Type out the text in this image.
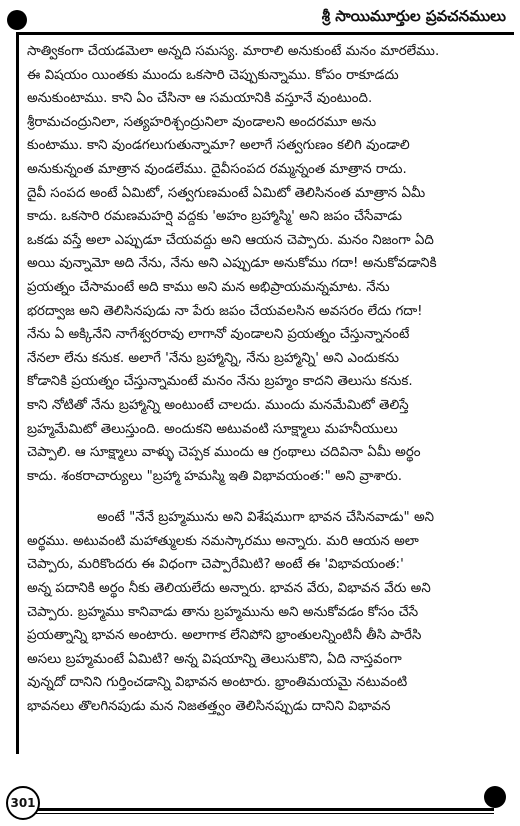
శ్రీ సాయిమూర్తుల ప్రవచనములు
సాత్వికంగా చేయడమెలా అన్నది సమస్య. మారాలి అనుకుంటే మనం మారలేము.
ఈ విషయం యింతకు ముందు ఒకసారి చెప్పుకున్నాము. కోపం రాకూడదు
అనుకుంటాము. కాని ఏం చేసినా ఆ సమయానికి వస్తూనే వుంటుంది.
శ్రీరామచంద్రునిలా, సత్యహరిశ్చంద్రునిలా వుండాలని అందరమూ అను
కుంటాము. కాని వుండగలుగుతున్నామా? అలాగే సత్వగుణం కలిగి వుండాలి
అనుకున్నంత మాత్రాన వుండలేము. దైవీసంపద రమ్మన్నంత మాత్రాన రాదు.
దైవీ సంపద అంటే ఏమిటో, సత్వగుణమంటే ఏమిటో తెలిసినంత మాత్రాన ఏమీ
కాదు. ఒకసారి రమణమహర్షి వద్దకు 'అహం బ్రహ్మాస్మి' అని జపం చేసేవాడు
ఒకడు వస్తే అలా ఎప్పుడూ చేయవద్దు అని ఆయన చెప్పారు. మనం నిజంగా ఏది
అయి వున్నామో అది నేను, నేను అని ఎప్పుడూ అనుకోము గదా! అనుకోవడానికి
ప్రయత్నం చేసామంటే అది కాము అని మన అభిప్రాయమన్నమాట. నేను
భరద్వాజ అని తెలిసినపుడు నా పేరు జపం చేయవలసిన అవసరం లేదు గదా!
నేను ఏ అక్కినేని నాగేశ్వరరావు లాగానో వుండాలని ప్రయత్నం చేస్తున్నానంటే
నేనలా లేను కనుక. అలాగే 'నేను బ్రహ్మాన్ని, నేను బ్రహ్మాన్ని' అని ఎందుకను
కోడానికి ప్రయత్నం చేస్తున్నామంటే మనం నేను బ్రహ్మం కాదని తెలుసు కనుక.
కాని నోటితో నేను బ్రహ్మాన్ని అంటుంటే చాలదు. ముందు మనమేమిటో తెలిస్తే
బ్రహ్మమేమిటో తెలుస్తుంది. అందుకని అటువంటి సూక్ష్మాలు మహనీయులు
చెప్పాలి. ఆ సూక్ష్మాలు వాళ్ళు చెప్పక ముందు ఆ గ్రంథాలు చదివినా ఏమీ అర్థం
కాదు. శంకరాచార్యులు "బ్రహ్మా హమస్మి ఇతి విభావయంత:" అని వ్రాశారు.
అంటే "నేనే బ్రహ్మమును అని విశేషముగా భావన చేసినవాడు" అని
అర్థము. అటువంటి మహాత్ములకు నమస్కారము అన్నారు. మరి ఆయన అలా
చెప్పారు, మరికొందరు ఈ విధంగా చెప్పారేమిటి? అంటే ఈ 'విభావయంత:'
అన్న పదానికి అర్థం నీకు తెలియలేదు అన్నారు. భావన వేరు, విభావన వేరు అని
చెప్పారు. బ్రహ్మము కానివాడు తాను బ్రహ్మమును అని అనుకోవడం కోసం చేసే
ప్రయత్నాన్ని భావన అంటారు. అలాగాక లేనిపోని భ్రాంతులన్నింటినీ తీసి పారేసి
అసలు బ్రహ్మమంటే ఏమిటి? అన్న విషయాన్ని తెలుసుకొని, ఏది నాస్తవంగా
వున్నదో దానిని గుర్తించడాన్ని విభావన అంటారు. భ్రాంతిమయమై నటువంటి
భావనలు తొలగినపుడు మన నిజతత్త్వం తెలిసినప్పుడు దానిని విభావన
301
